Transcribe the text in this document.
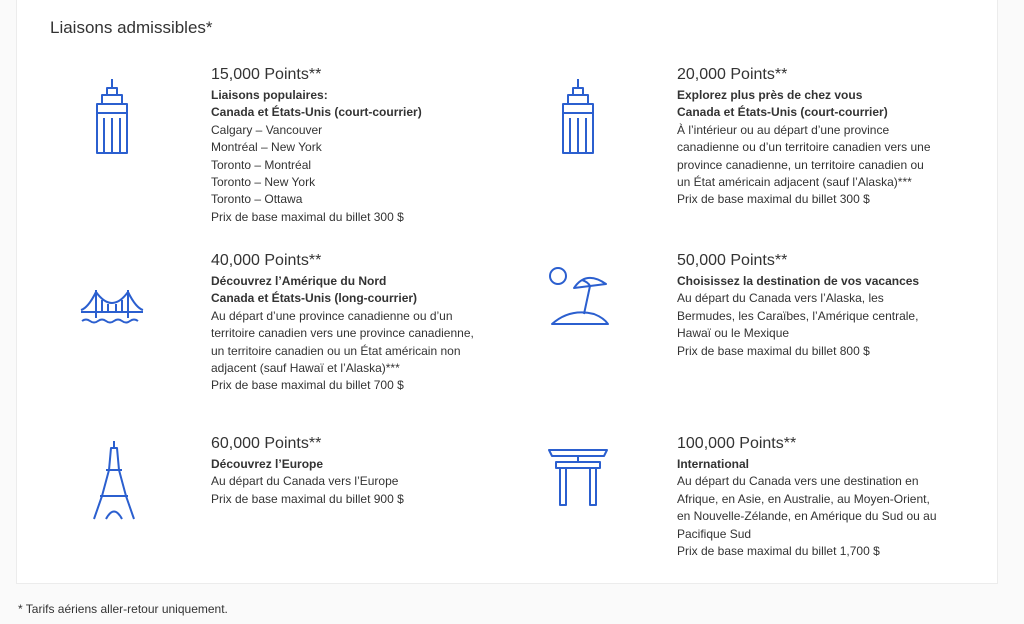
Liaisons admissibles*
15,000 Points**
Liaisons populaires:
Canada et États-Unis (court-courrier)
Calgary – Vancouver
Montréal – New York
Toronto – Montréal
Toronto – New York
Toronto – Ottawa
Prix de base maximal du billet 300 $
20,000 Points**
Explorez plus près de chez vous
Canada et États-Unis (court-courrier)
À l’intérieur ou au départ d’une province
canadienne ou d’un territoire canadien vers une
province canadienne, un territoire canadien ou
un État américain adjacent (sauf l’Alaska)***
Prix de base maximal du billet 300 $
40,000 Points**
Découvrez l’Amérique du Nord
Canada et États-Unis (long-courrier)
Au départ d’une province canadienne ou d’un
territoire canadien vers une province canadienne,
un territoire canadien ou un État américain non
adjacent (sauf Hawaï et l’Alaska)***
Prix de base maximal du billet 700 $
50,000 Points**
Choisissez la destination de vos vacances
Au départ du Canada vers l’Alaska, les
Bermudes, les Caraïbes, l’Amérique centrale,
Hawaï ou le Mexique
Prix de base maximal du billet 800 $
60,000 Points**
Découvrez l’Europe
Au départ du Canada vers l’Europe
Prix de base maximal du billet 900 $
100,000 Points**
International
Au départ du Canada vers une destination en
Afrique, en Asie, en Australie, au Moyen-Orient,
en Nouvelle-Zélande, en Amérique du Sud ou au
Pacifique Sud
Prix de base maximal du billet 1,700 $
* Tarifs aériens aller-retour uniquement.
